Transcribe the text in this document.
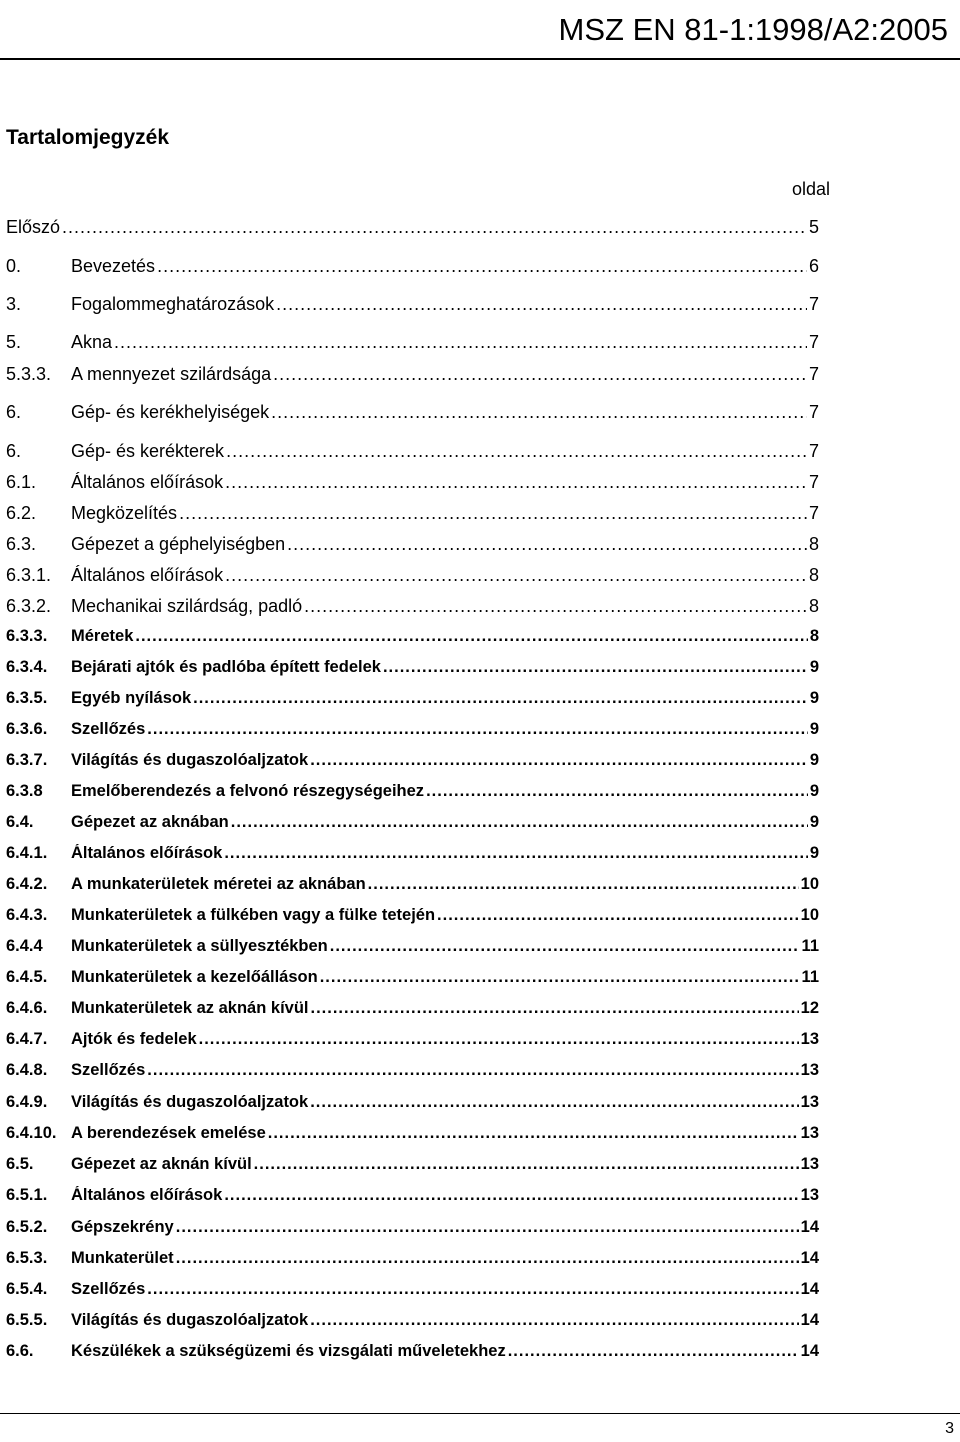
MSZ EN 81-1:1998/A2:2005
Tartalomjegyzék
oldal
Előszó .....	5
0.	Bevezetés .....	6
3.	Fogalommeghatározások .....	7
5.	Akna .....	7
5.3.3.	A mennyezet szilárdsága .....	7
6.	Gép- és kerékhelyiségek .....	7
6.	Gép- és kerékterek .....	7
6.1.	Általános előírások .....	7
6.2.	Megközelítés .....	7
6.3.	Gépezet a géphelyiségben .....	8
6.3.1.	Általános előírások .....	8
6.3.2.	Mechanikai szilárdság, padló .....	8
6.3.3.	Méretek .....	8
6.3.4.	Bejárati ajtók és padlóba épített fedelek .....	9
6.3.5.	Egyéb nyílások .....	9
6.3.6.	Szellőzés .....	9
6.3.7.	Világítás és dugaszolóaljzatok .....	9
6.3.8	Emelőberendezés a felvonó részegységeihez .....	9
6.4.	Gépezet az aknában .....	9
6.4.1.	Általános előírások .....	9
6.4.2.	A munkaterületek méretei az aknában .....	10
6.4.3.	Munkaterületek a fülkében vagy a fülke tetején .....	10
6.4.4	Munkaterületek a süllyesztékben .....	11
6.4.5.	Munkaterületek a kezelőálláson .....	11
6.4.6.	Munkaterületek az aknán kívül .....	12
6.4.7.	Ajtók és fedelek .....	13
6.4.8.	Szellőzés .....	13
6.4.9.	Világítás és dugaszolóaljzatok .....	13
6.4.10. A berendezések emelése .....	13
6.5.	Gépezet az aknán kívül .....	13
6.5.1.	Általános előírások .....	13
6.5.2.	Gépszekrény .....	14
6.5.3.	Munkaterület .....	14
6.5.4.	Szellőzés .....	14
6.5.5.	Világítás és dugaszolóaljzatok .....	14
6.6.	Készülékek a szükségüzemi és vizsgálati műveletekhez .....	14
3
